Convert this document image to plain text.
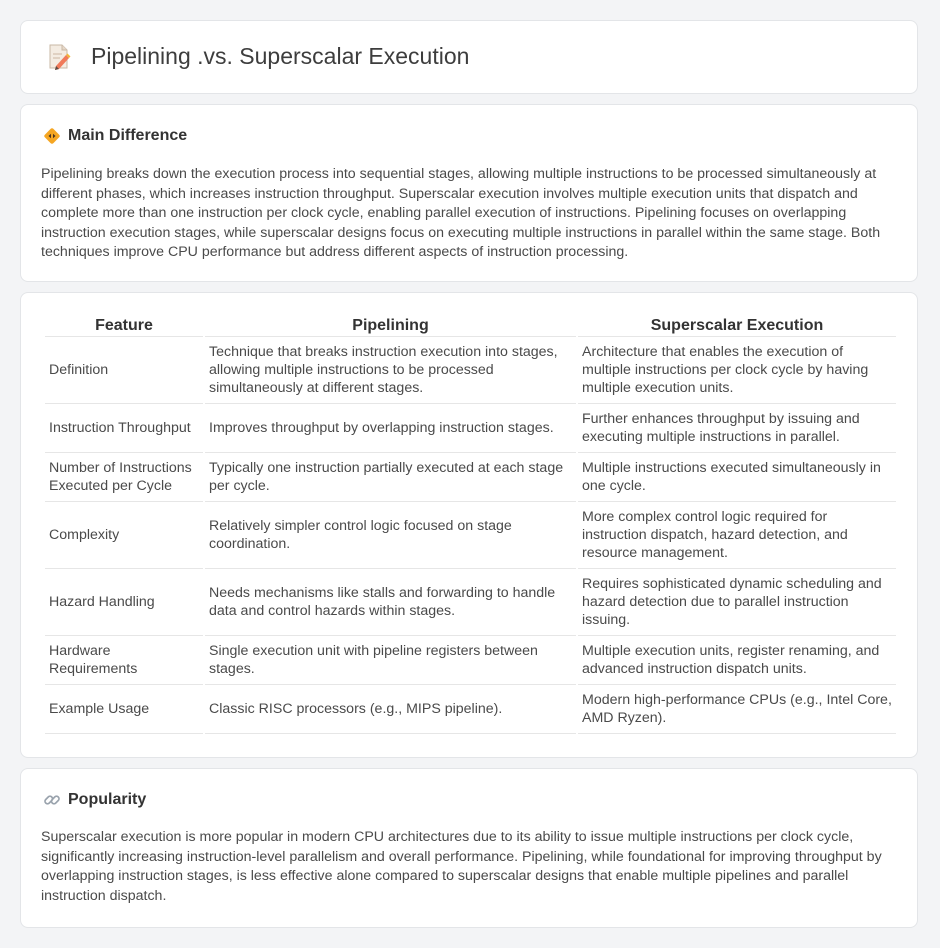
Pipelining .vs. Superscalar Execution
Main Difference

Pipelining breaks down the execution process into sequential stages, allowing multiple instructions to be processed simultaneously at different phases, which increases instruction throughput. Superscalar execution involves multiple execution units that dispatch and complete more than one instruction per clock cycle, enabling parallel execution of instructions. Pipelining focuses on overlapping instruction execution stages, while superscalar designs focus on executing multiple instructions in parallel within the same stage. Both techniques improve CPU performance but address different aspects of instruction processing.

Feature	Pipelining	Superscalar Execution
Definition	Technique that breaks instruction execution into stages, allowing multiple instructions to be processed simultaneously at different stages.	Architecture that enables the execution of multiple instructions per clock cycle by having multiple execution units.
Instruction Throughput	Improves throughput by overlapping instruction stages.	Further enhances throughput by issuing and executing multiple instructions in parallel.
Number of Instructions Executed per Cycle	Typically one instruction partially executed at each stage per cycle.	Multiple instructions executed simultaneously in one cycle.
Complexity	Relatively simpler control logic focused on stage coordination.	More complex control logic required for instruction dispatch, hazard detection, and resource management.
Hazard Handling	Needs mechanisms like stalls and forwarding to handle data and control hazards within stages.	Requires sophisticated dynamic scheduling and hazard detection due to parallel instruction issuing.
Hardware Requirements	Single execution unit with pipeline registers between stages.	Multiple execution units, register renaming, and advanced instruction dispatch units.
Example Usage	Classic RISC processors (e.g., MIPS pipeline).	Modern high-performance CPUs (e.g., Intel Core, AMD Ryzen).
Popularity

Superscalar execution is more popular in modern CPU architectures due to its ability to issue multiple instructions per clock cycle, significantly increasing instruction-level parallelism and overall performance. Pipelining, while foundational for improving throughput by overlapping instruction stages, is less effective alone compared to superscalar designs that enable multiple pipelines and parallel instruction dispatch.
